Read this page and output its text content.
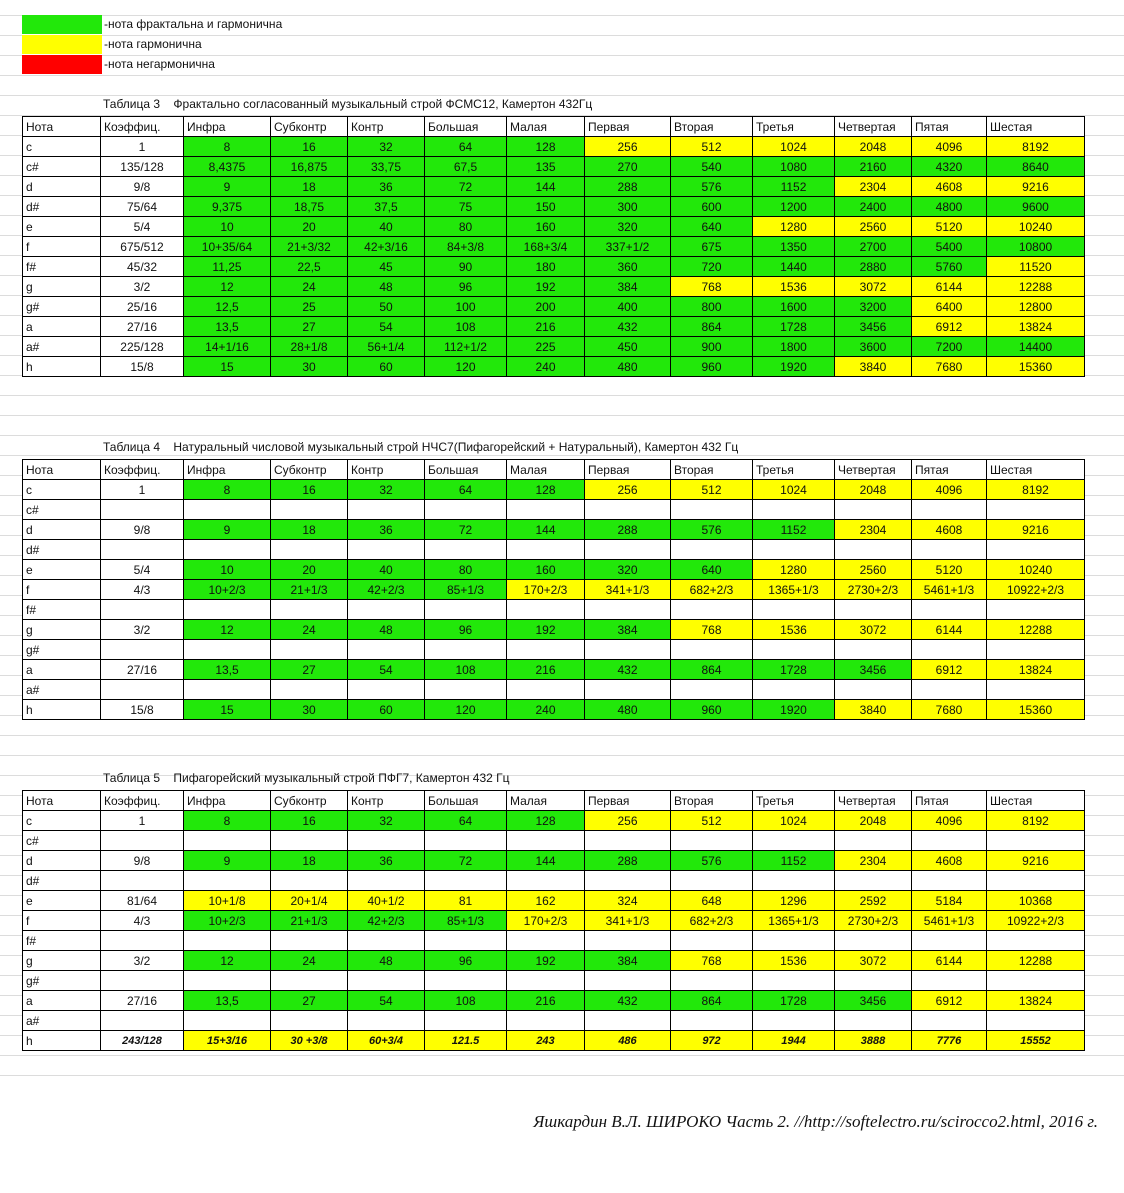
-нота фрактальна и гармонична
-нота гармонична
-нота негармонична
Таблица 3    Фрактально согласованный музыкальный строй ФСМС12, Камертон 432Гц
Нота	Коэффиц.	Инфра	Субконтр	Контр	Большая	Малая	Первая	Вторая	Третья	Четвертая	Пятая	Шестая
c	1	8	16	32	64	128	256	512	1024	2048	4096	8192
c#	135/128	8,4375	16,875	33,75	67,5	135	270	540	1080	2160	4320	8640
d	9/8	9	18	36	72	144	288	576	1152	2304	4608	9216
d#	75/64	9,375	18,75	37,5	75	150	300	600	1200	2400	4800	9600
e	5/4	10	20	40	80	160	320	640	1280	2560	5120	10240
f	675/512	10+35/64	21+3/32	42+3/16	84+3/8	168+3/4	337+1/2	675	1350	2700	5400	10800
f#	45/32	11,25	22,5	45	90	180	360	720	1440	2880	5760	11520
g	3/2	12	24	48	96	192	384	768	1536	3072	6144	12288
g#	25/16	12,5	25	50	100	200	400	800	1600	3200	6400	12800
a	27/16	13,5	27	54	108	216	432	864	1728	3456	6912	13824
a#	225/128	14+1/16	28+1/8	56+1/4	112+1/2	225	450	900	1800	3600	7200	14400
h	15/8	15	30	60	120	240	480	960	1920	3840	7680	15360
Таблица 4    Натуральный числовой музыкальный строй НЧС7(Пифагорейский + Натуральный), Камертон 432 Гц
Нота	Коэффиц.	Инфра	Субконтр	Контр	Большая	Малая	Первая	Вторая	Третья	Четвертая	Пятая	Шестая
c	1	8	16	32	64	128	256	512	1024	2048	4096	8192
c#												
d	9/8	9	18	36	72	144	288	576	1152	2304	4608	9216
d#												
e	5/4	10	20	40	80	160	320	640	1280	2560	5120	10240
f	4/3	10+2/3	21+1/3	42+2/3	85+1/3	170+2/3	341+1/3	682+2/3	1365+1/3	2730+2/3	5461+1/3	10922+2/3
f#												
g	3/2	12	24	48	96	192	384	768	1536	3072	6144	12288
g#												
a	27/16	13,5	27	54	108	216	432	864	1728	3456	6912	13824
a#												
h	15/8	15	30	60	120	240	480	960	1920	3840	7680	15360
Таблица 5    Пифагорейский музыкальный строй ПФГ7, Камертон 432 Гц
Нота	Коэффиц.	Инфра	Субконтр	Контр	Большая	Малая	Первая	Вторая	Третья	Четвертая	Пятая	Шестая
c	1	8	16	32	64	128	256	512	1024	2048	4096	8192
c#												
d	9/8	9	18	36	72	144	288	576	1152	2304	4608	9216
d#												
e	81/64	10+1/8	20+1/4	40+1/2	81	162	324	648	1296	2592	5184	10368
f	4/3	10+2/3	21+1/3	42+2/3	85+1/3	170+2/3	341+1/3	682+2/3	1365+1/3	2730+2/3	5461+1/3	10922+2/3
f#												
g	3/2	12	24	48	96	192	384	768	1536	3072	6144	12288
g#												
a	27/16	13,5	27	54	108	216	432	864	1728	3456	6912	13824
a#												
h	243/128	15+3/16	30 +3/8	60+3/4	121.5	243	486	972	1944	3888	7776	15552
Яшкардин В.Л. ШИРОКО Часть 2. //http://softelectro.ru/scirocco2.html, 2016 г.
